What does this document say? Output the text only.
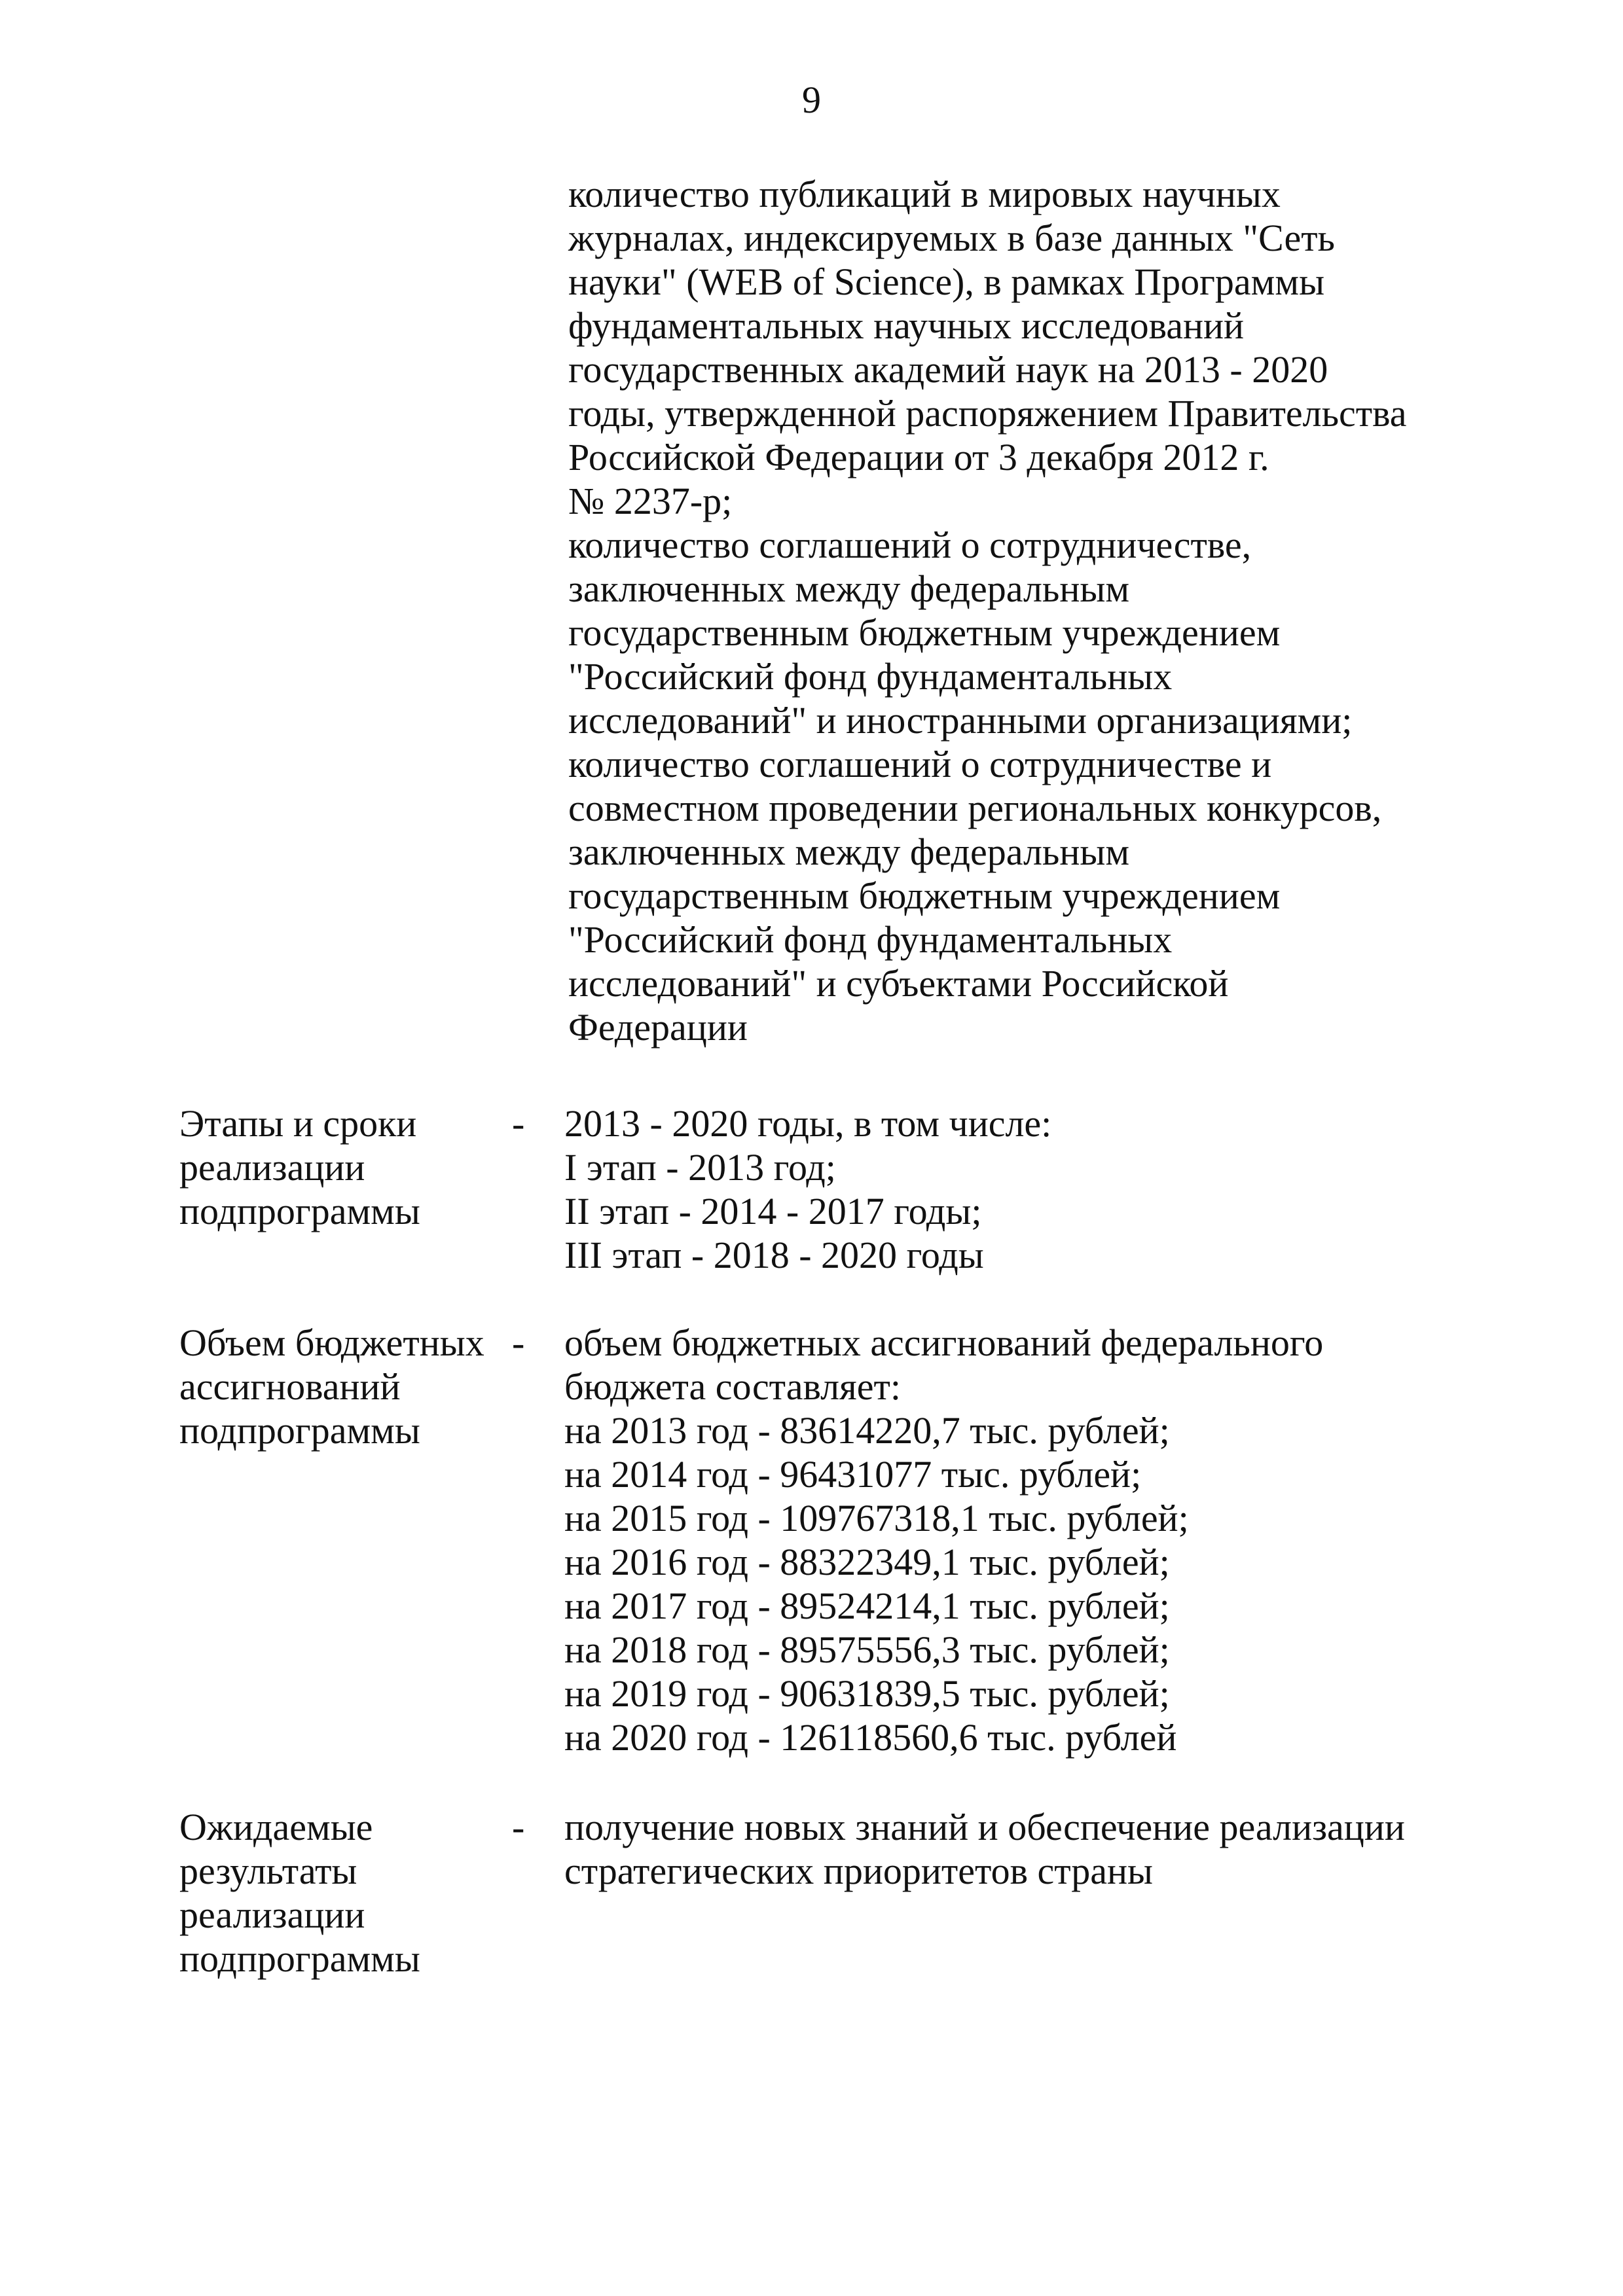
9
количество публикаций в мировых научных
журналах, индексируемых в базе данных "Сеть
науки" (WEB of Science), в рамках Программы
фундаментальных научных исследований
государственных академий наук на 2013 - 2020
годы, утвержденной распоряжением Правительства
Российской Федерации от 3 декабря 2012 г.
№ 2237-р;
количество соглашений о сотрудничестве,
заключенных между федеральным
государственным бюджетным учреждением
"Российский фонд фундаментальных
исследований" и иностранными организациями;
количество соглашений о сотрудничестве и
совместном проведении региональных конкурсов,
заключенных между федеральным
государственным бюджетным учреждением
"Российский фонд фундаментальных
исследований" и субъектами Российской
Федерации
Этапы и сроки
реализации
подпрограммы
- 2013 - 2020 годы, в том числе:
I этап - 2013 год;
II этап - 2014 - 2017 годы;
III этап - 2018 - 2020 годы
Объем бюджетных
ассигнований
подпрограммы
- объем бюджетных ассигнований федерального
бюджета составляет:
на 2013 год - 83614220,7 тыс. рублей;
на 2014 год - 96431077 тыс. рублей;
на 2015 год - 109767318,1 тыс. рублей;
на 2016 год - 88322349,1 тыс. рублей;
на 2017 год - 89524214,1 тыс. рублей;
на 2018 год - 89575556,3 тыс. рублей;
на 2019 год - 90631839,5 тыс. рублей;
на 2020 год - 126118560,6 тыс. рублей
Ожидаемые
результаты
реализации
подпрограммы
- получение новых знаний и обеспечение реализации
стратегических приоритетов страны
